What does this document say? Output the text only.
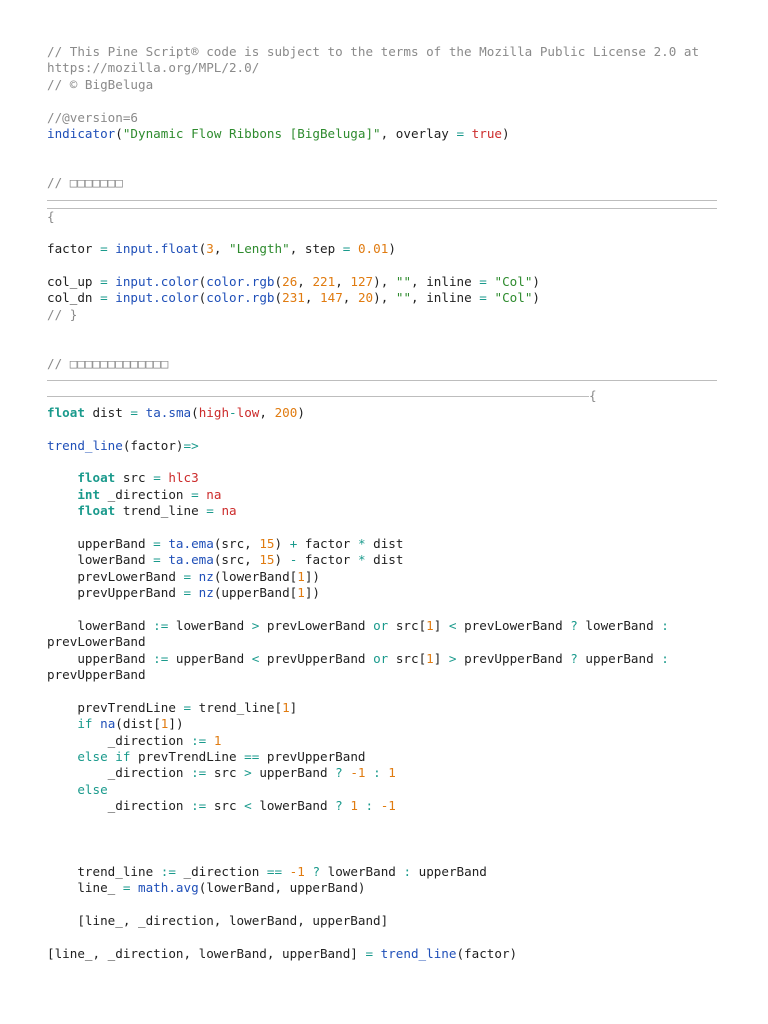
// This Pine Script® code is subject to the terms of the Mozilla Public License 2.0 at
https://mozilla.org/MPL/2.0/
// © BigBeluga
//@version=6
indicator("Dynamic Flow Ribbons [BigBeluga]", overlay = true)
// □□□□□□□
{
factor = input.float(3, "Length", step = 0.01)
col_up = input.color(color.rgb(26, 221, 127), "", inline = "Col")
col_dn = input.color(color.rgb(231, 147, 20), "", inline = "Col")
// }
// □□□□□□□□□□□□□
{
float dist = ta.sma(high-low, 200)
trend_line(factor)=>
float src = hlc3
int _direction = na
float trend_line = na
upperBand = ta.ema(src, 15) + factor * dist
lowerBand = ta.ema(src, 15) - factor * dist
prevLowerBand = nz(lowerBand[1])
prevUpperBand = nz(upperBand[1])
lowerBand := lowerBand > prevLowerBand or src[1] < prevLowerBand ? lowerBand :
prevLowerBand
upperBand := upperBand < prevUpperBand or src[1] > prevUpperBand ? upperBand :
prevUpperBand
prevTrendLine = trend_line[1]
if na(dist[1])
_direction := 1
else if prevTrendLine == prevUpperBand
_direction := src > upperBand ? -1 : 1
else
_direction := src < lowerBand ? 1 : -1
trend_line := _direction == -1 ? lowerBand : upperBand
line_ = math.avg(lowerBand, upperBand)
[line_, _direction, lowerBand, upperBand]
[line_, _direction, lowerBand, upperBand] = trend_line(factor)
